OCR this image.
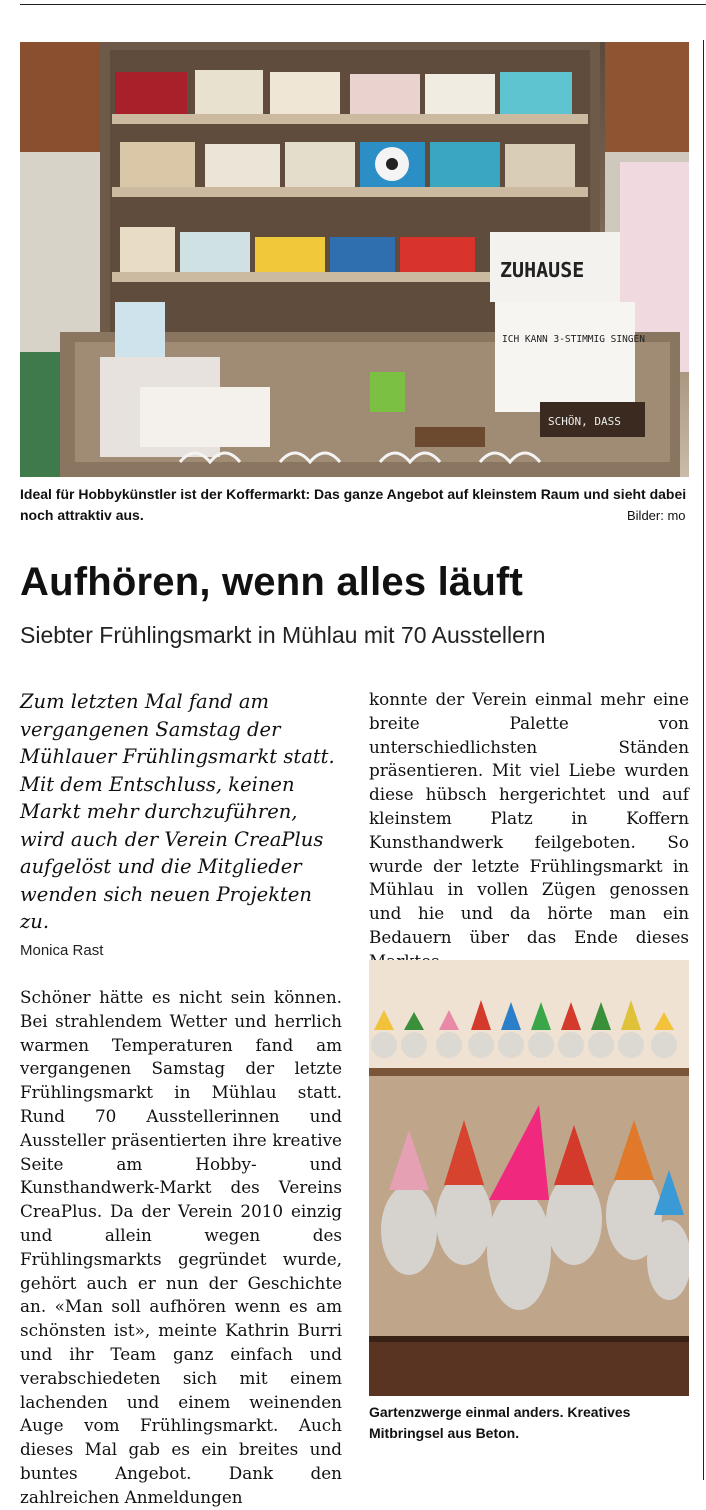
ZUHAUSE
ICH KANN 3-STIMMIG SINGEN
SCHÖN, DASS
Ideal für Hobbykünstler ist der Koffermarkt: Das ganze Angebot auf kleinstem Raum und sieht dabei noch attraktiv aus.	Bilder: mo
Aufhören, wenn alles läuft
Siebter Frühlingsmarkt in Mühlau mit 70 Ausstellern

Zum letzten Mal fand am vergangenen Samstag der Mühlauer Frühlingsmarkt statt. Mit dem Entschluss, keinen Markt mehr durchzuführen, wird auch der Verein CreaPlus aufgelöst und die Mitglieder wenden sich neuen Projekten zu.

konnte der Verein einmal mehr eine breite Palette von unterschiedlichsten Ständen präsentieren. Mit viel Liebe wurden diese hübsch hergerichtet und auf kleinstem Platz in Koffern Kunsthandwerk feilgeboten. So wurde der letzte Frühlingsmarkt in Mühlau in vollen Zügen genossen und hie und da hörte man ein Bedauern über das Ende dieses

Monica Rast

Schöner hätte es nicht sein können. Bei strahlendem Wetter und herrlich warmen Temperaturen fand am vergangenen Samstag der letzte Frühlingsmarkt in Mühlau statt. Rund 70 Ausstellerinnen und Aussteller präsentierten ihre kreative Seite am Hobby- und Kunsthandwerk-Markt des Vereins CreaPlus. Da der Verein 2010 einzig und allein wegen des Frühlingsmarkts gegründet wurde, gehört auch er nun der Geschichte an. «Man soll aufhören wenn es am schönsten ist», meinte Kathrin Burri und ihr Team ganz einfach und verabschiedeten sich mit einem lachenden und einem weinenden Auge vom Frühlingsmarkt. Auch dieses Mal gab es ein breites und buntes Angebot. Dank den zahlreichen Anmeldungen

Gartenzwerge einmal anders. Kreatives Mitbringsel aus Beton.
